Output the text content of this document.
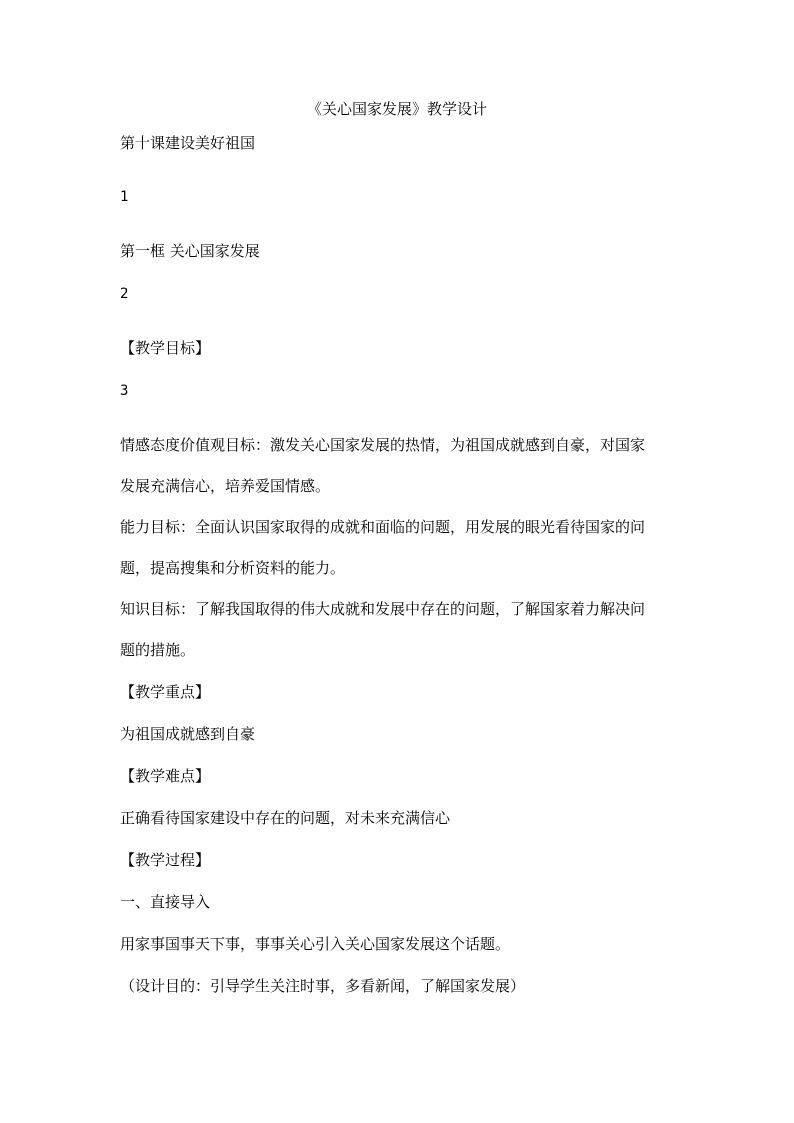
《关心国家发展》教学设计
第十课建设美好祖国
1
第一框 关心国家发展
2
【教学目标】
3
情感态度价值观目标：激发关心国家发展的热情，为祖国成就感到自豪，对国家
发展充满信心，培养爱国情感。
能力目标：全面认识国家取得的成就和面临的问题，用发展的眼光看待国家的问
题，提高搜集和分析资料的能力。
知识目标：了解我国取得的伟大成就和发展中存在的问题，了解国家着力解决问
题的措施。
【教学重点】
为祖国成就感到自豪
【教学难点】
正确看待国家建设中存在的问题，对未来充满信心
【教学过程】
一、直接导入
用家事国事天下事，事事关心引入关心国家发展这个话题。
（设计目的：引导学生关注时事，多看新闻，了解国家发展）
